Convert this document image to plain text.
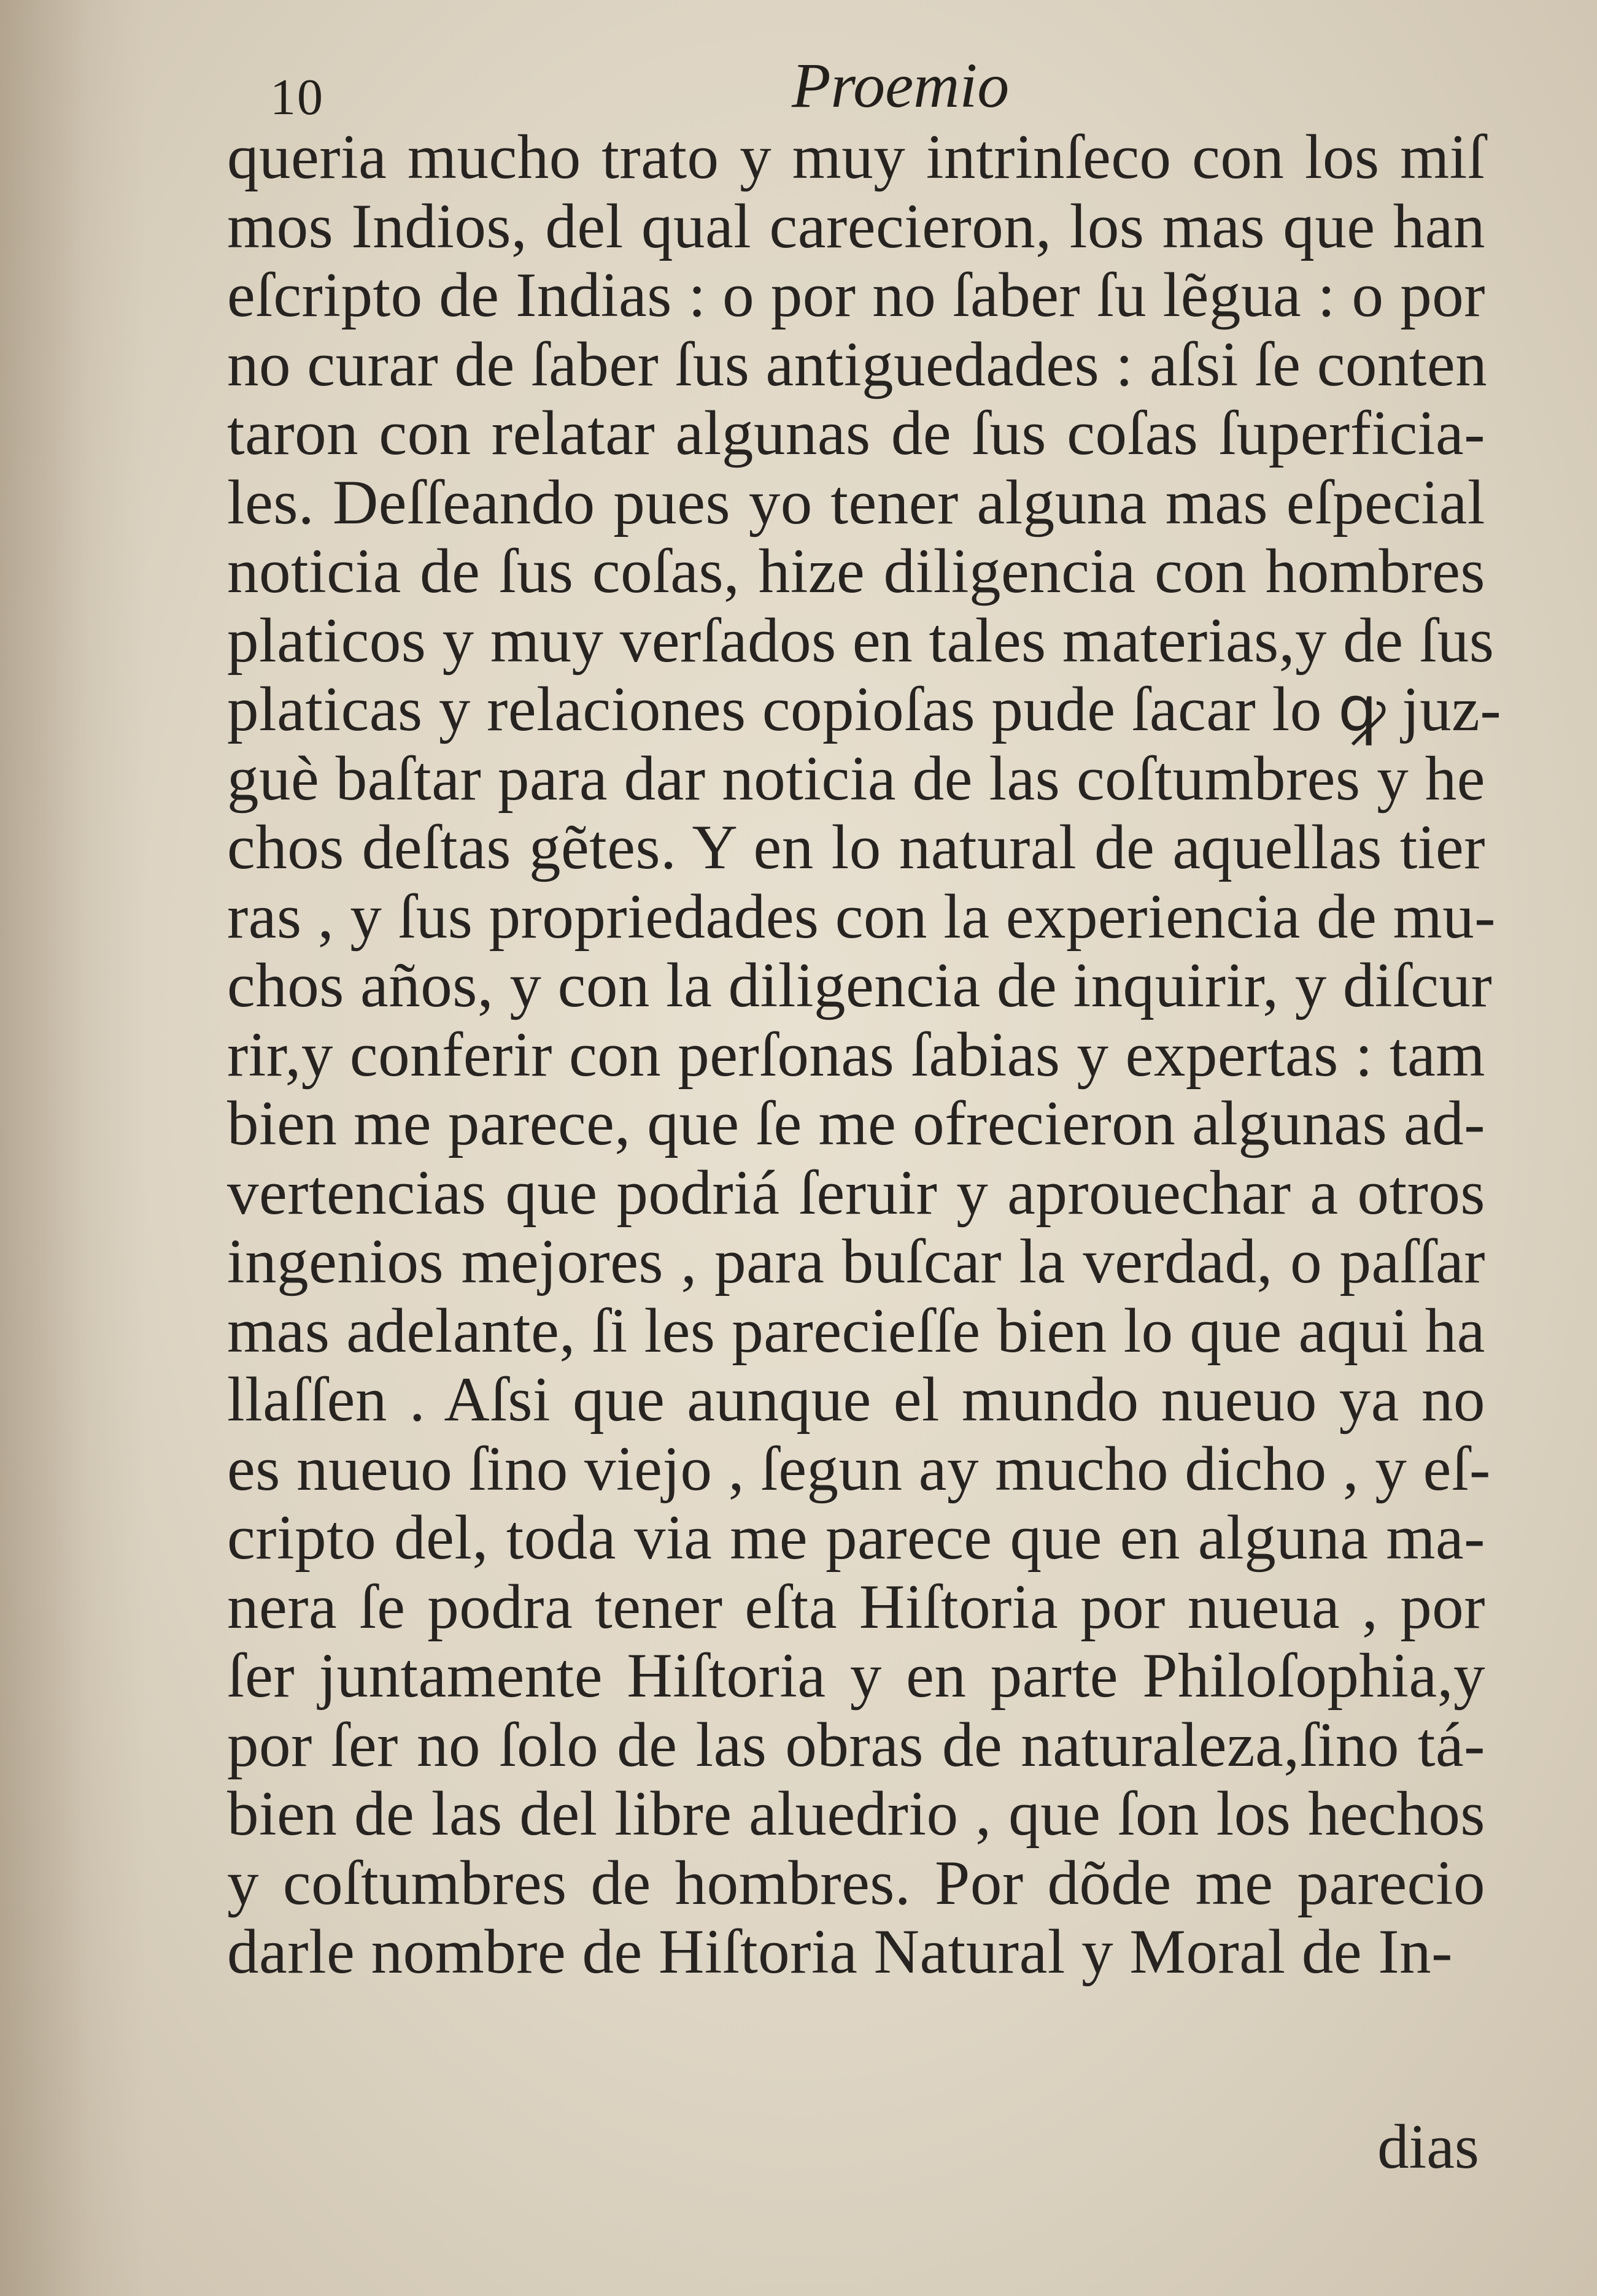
10	Proemio
queria mucho trato y muy intrinſeco con los miſ
mos Indios, del qual carecieron, los mas que han
eſcripto de Indias : o por no ſaber ſu lẽgua : o por
no curar de ſaber ſus antiguedades : aſsi ſe conten
taron con relatar algunas de ſus coſas ſuperficia-
les. Deſſeando pues yo tener alguna mas eſpecial
noticia de ſus coſas, hize diligencia con hombres
platicos y muy verſados en tales materias,y de ſus
platicas y relaciones copioſas pude ſacar lo ꝙ juz-
guè baſtar para dar noticia de las coſtumbres y he
chos deſtas gẽtes. Y en lo natural de aquellas tier
ras , y ſus propriedades con la experiencia de mu-
chos años, y con la diligencia de inquirir, y diſcur
rir,y conferir con perſonas ſabias y expertas : tam
bien me parece, que ſe me ofrecieron algunas ad-
vertencias que podriá ſeruir y aprouechar a otros
ingenios mejores , para buſcar la verdad, o paſſar
mas adelante, ſi les parecieſſe bien lo que aqui ha
llaſſen . Aſsi que aunque el mundo nueuo ya no
es nueuo ſino viejo , ſegun ay mucho dicho , y eſ-
cripto del, toda via me parece que en alguna ma-
nera ſe podra tener eſta Hiſtoria por nueua , por
ſer juntamente Hiſtoria y en parte Philoſophia,y
por ſer no ſolo de las obras de naturaleza,ſino tá-
bien de las del libre aluedrio , que ſon los hechos
y coſtumbres de hombres. Por dõde me parecio
darle nombre de Hiſtoria Natural y Moral de In-
dias
